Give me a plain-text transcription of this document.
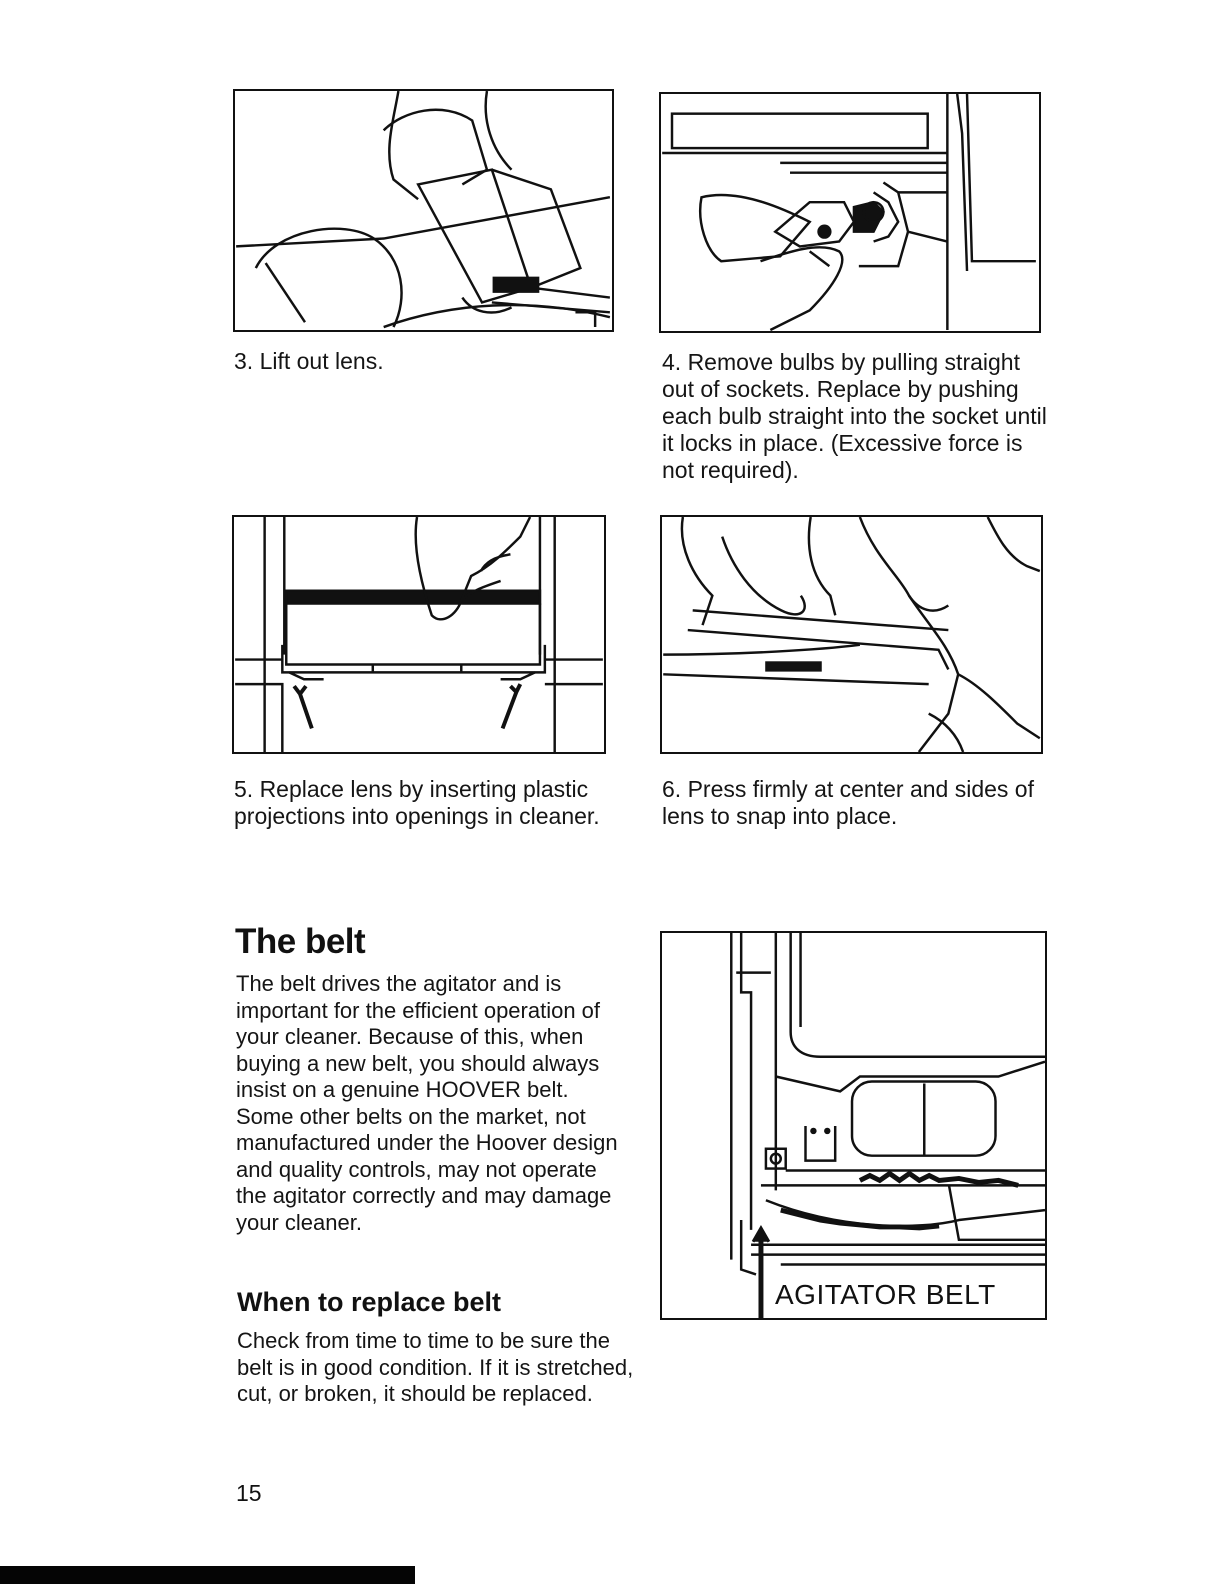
3. Lift out lens.	4. Remove bulbs by pulling straight out of sockets. Replace by pushing each bulb straight into the socket until it locks in place. (Excessive force is not required).
5. Replace lens by inserting plastic projections into openings in cleaner.
6. Press firmly at center and sides of lens to snap into place.
The belt
The belt drives the agitator and is important for the efficient operation of your cleaner. Because of this, when buying a new belt, you should always insist on a genuine HOOVER belt. Some other belts on the market, not manufactured under the Hoover design and quality controls, may not operate the agitator correctly and may damage your cleaner.
When to replace belt
Check from time to time to be sure the belt is in good condition. If it is stretched, cut, or broken, it should be replaced.
AGITATOR BELT
15
